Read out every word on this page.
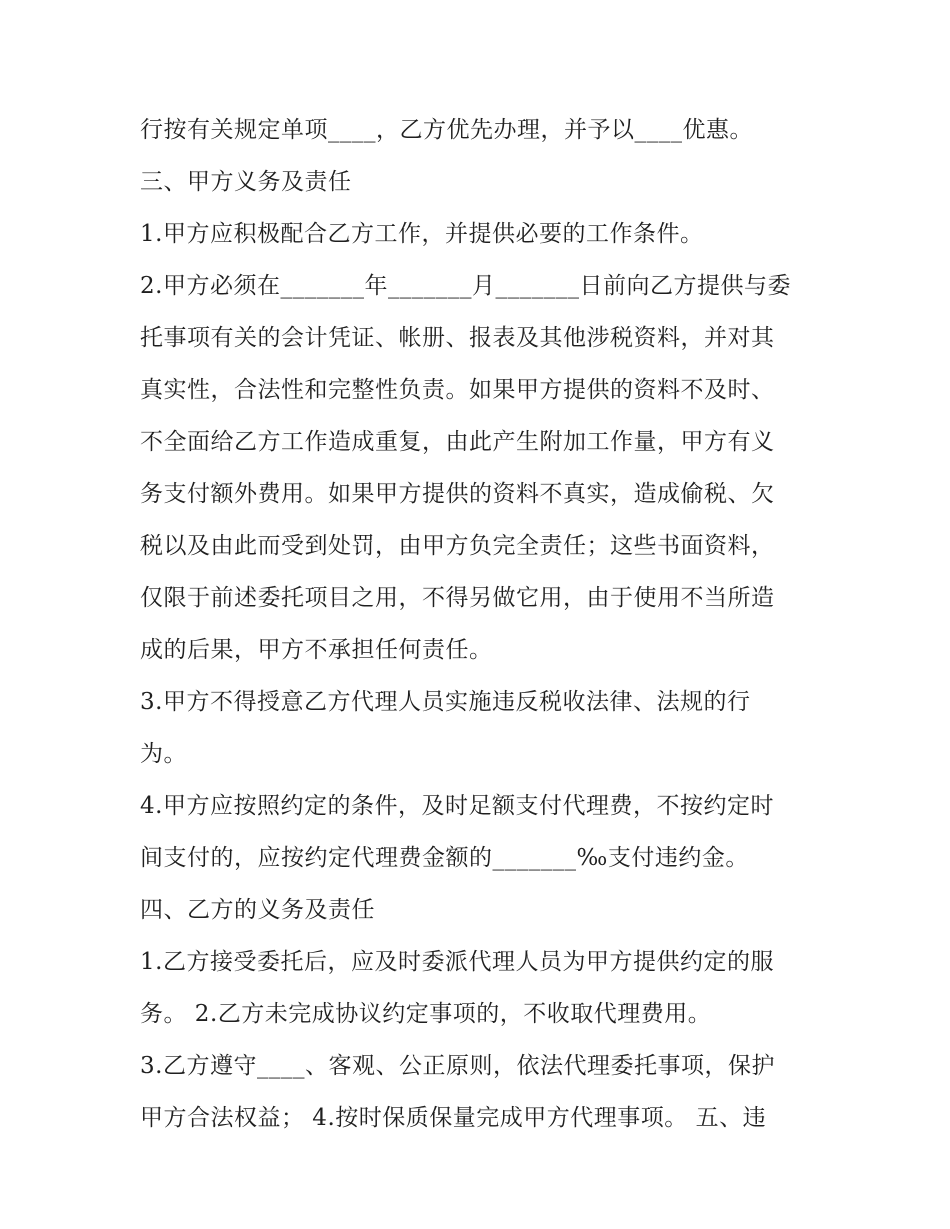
行按有关规定单项____，乙方优先办理，并予以____优惠。
三、甲方义务及责任
1.甲方应积极配合乙方工作，并提供必要的工作条件。
2.甲方必须在_______年_______月_______日前向乙方提供与委
托事项有关的会计凭证、帐册、报表及其他涉税资料，并对其
真实性，合法性和完整性负责。如果甲方提供的资料不及时、
不全面给乙方工作造成重复，由此产生附加工作量，甲方有义
务支付额外费用。如果甲方提供的资料不真实，造成偷税、欠
税以及由此而受到处罚，由甲方负完全责任；这些书面资料，
仅限于前述委托项目之用，不得另做它用，由于使用不当所造
成的后果，甲方不承担任何责任。
3.甲方不得授意乙方代理人员实施违反税收法律、法规的行
为。
4.甲方应按照约定的条件，及时足额支付代理费，不按约定时
间支付的，应按约定代理费金额的_______‰支付违约金。
四、乙方的义务及责任
1.乙方接受委托后，应及时委派代理人员为甲方提供约定的服
务。 2.乙方未完成协议约定事项的，不收取代理费用。
3.乙方遵守____、客观、公正原则，依法代理委托事项，保护
甲方合法权益； 4.按时保质保量完成甲方代理事项。 五、违
